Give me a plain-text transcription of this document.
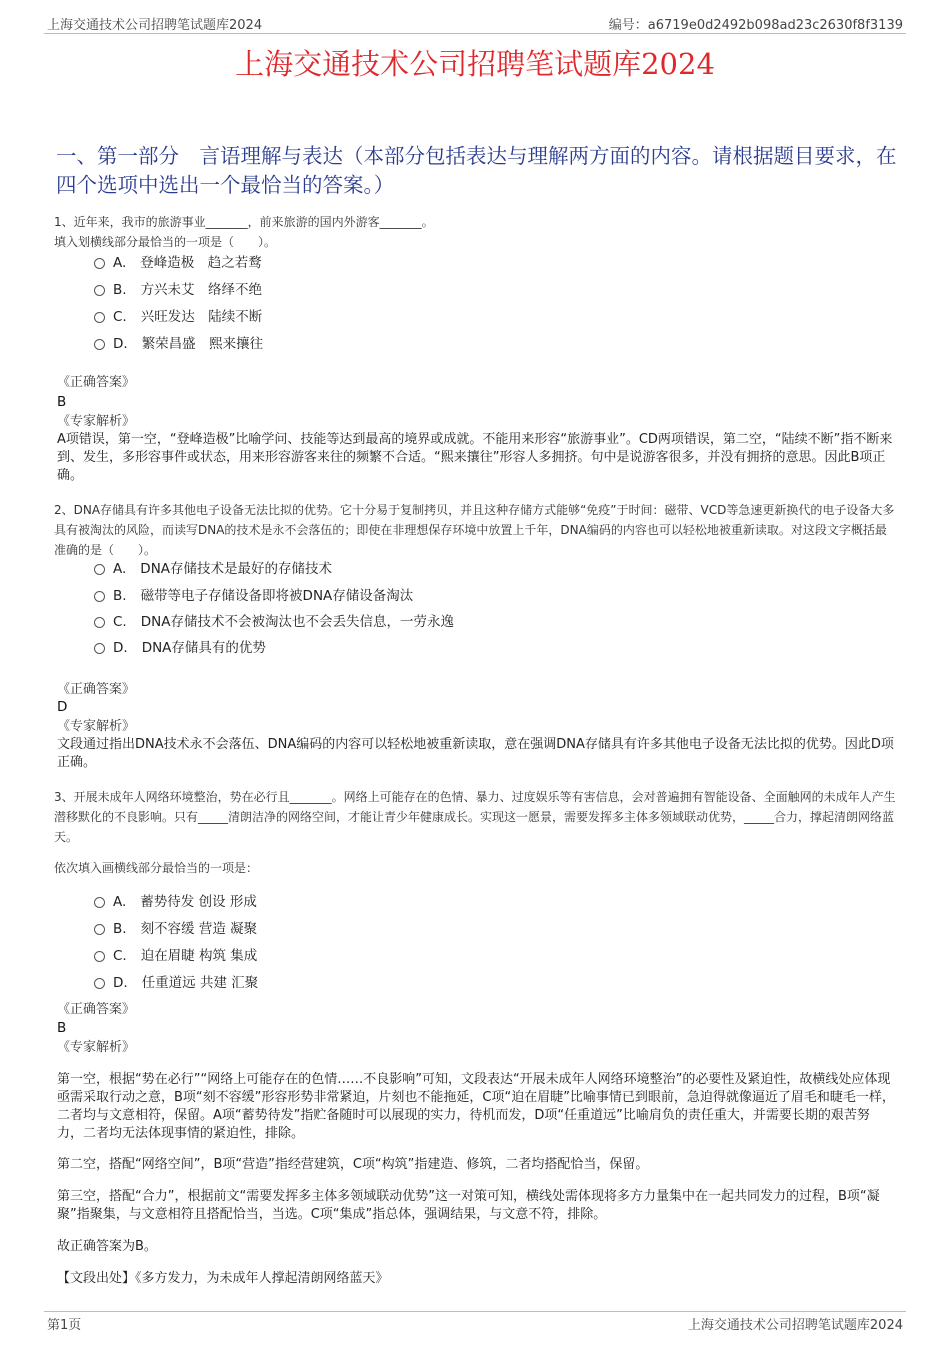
上海交通技术公司招聘笔试题库2024	编号：a6719e0d2492b098ad23c2630f8f3139
上海交通技术公司招聘笔试题库2024
一、第一部分　言语理解与表达（本部分包括表达与理解两方面的内容。请根据题目要求，在四个选项中选出一个最恰当的答案。）
1、近年来，我市的旅游事业_______，前来旅游的国内外游客_______。
填入划横线部分最恰当的一项是（　　）。
A. 登峰造极　趋之若鹜
B. 方兴未艾　络绎不绝
C. 兴旺发达　陆续不断
D. 繁荣昌盛　熙来攘往
《正确答案》
B
《专家解析》
A项错误，第一空，“登峰造极”比喻学问、技能等达到最高的境界或成就。不能用来形容“旅游事业”。CD两项错误，第二空，“陆续不断”指不断来到、发生，多形容事件或状态，用来形容游客来往的频繁不合适。“熙来攘往”形容人多拥挤。句中是说游客很多，并没有拥挤的意思。因此B项正确。
2、DNA存储具有许多其他电子设备无法比拟的优势。它十分易于复制拷贝，并且这种存储方式能够“免疫”于时间：磁带、VCD等急速更新换代的电子设备大多具有被淘汰的风险，而读写DNA的技术是永不会落伍的；即使在非理想保存环境中放置上千年，DNA编码的内容也可以轻松地被重新读取。对这段文字概括最准确的是（　　）。
A. DNA存储技术是最好的存储技术
B. 磁带等电子存储设备即将被DNA存储设备淘汰
C. DNA存储技术不会被淘汰也不会丢失信息，一劳永逸
D. DNA存储具有的优势
《正确答案》
D
《专家解析》
文段通过指出DNA技术永不会落伍、DNA编码的内容可以轻松地被重新读取，意在强调DNA存储具有许多其他电子设备无法比拟的优势。因此D项正确。
3、开展未成年人网络环境整治，势在必行且_______。网络上可能存在的色情、暴力、过度娱乐等有害信息，会对普遍拥有智能设备、全面触网的未成年人产生潜移默化的不良影响。只有_____清朗洁净的网络空间，才能让青少年健康成长。实现这一愿景，需要发挥多主体多领域联动优势，_____合力，撑起清朗网络蓝天。
依次填入画横线部分最恰当的一项是：
A. 蓄势待发 创设 形成
B. 刻不容缓 营造 凝聚
C. 迫在眉睫 构筑 集成
D. 任重道远 共建 汇聚
《正确答案》
B
《专家解析》
第一空，根据“势在必行”“网络上可能存在的色情……不良影响”可知，文段表达“开展未成年人网络环境整治”的必要性及紧迫性，故横线处应体现亟需采取行动之意，B项“刻不容缓”形容形势非常紧迫，片刻也不能拖延，C项“迫在眉睫”比喻事情已到眼前，急迫得就像逼近了眉毛和睫毛一样，二者均与文意相符，保留。A项“蓄势待发”指贮备随时可以展现的实力，待机而发，D项“任重道远”比喻肩负的责任重大，并需要长期的艰苦努力，二者均无法体现事情的紧迫性，排除。
第二空，搭配“网络空间”，B项“营造”指经营建筑，C项“构筑”指建造、修筑，二者均搭配恰当，保留。
第三空，搭配“合力”，根据前文“需要发挥多主体多领域联动优势”这一对策可知，横线处需体现将多方力量集中在一起共同发力的过程，B项“凝聚”指聚集，与文意相符且搭配恰当，当选。C项“集成”指总体，强调结果，与文意不符，排除。
故正确答案为B。
【文段出处】《多方发力，为未成年人撑起清朗网络蓝天》
第1页	上海交通技术公司招聘笔试题库2024
